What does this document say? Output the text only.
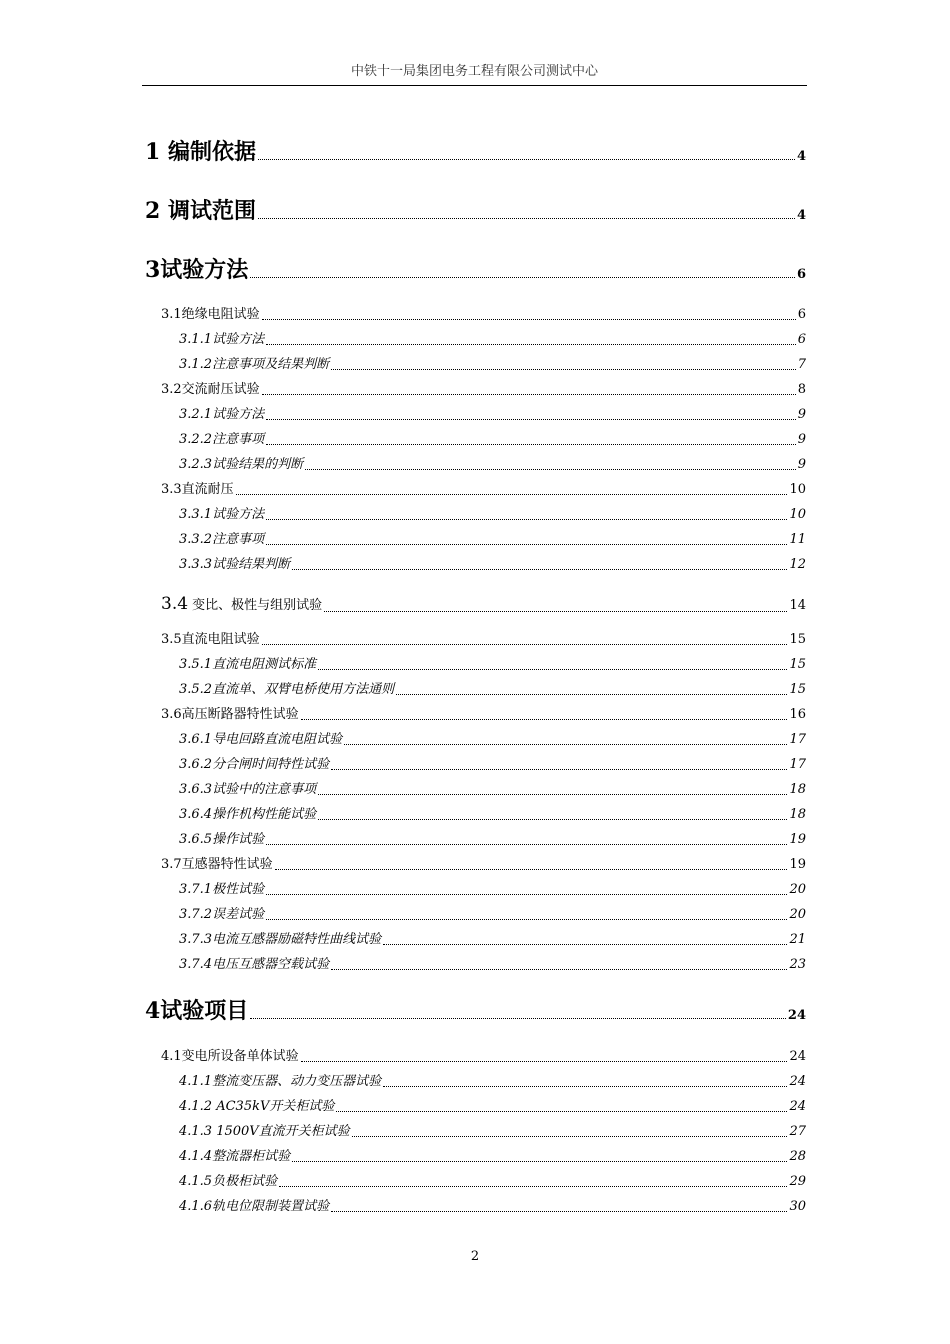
中铁十一局集团电务工程有限公司测试中心
1 编制依据	4
2 调试范围	4
3试验方法	6
3.1绝缘电阻试验	6
3.1.1试验方法	6
3.1.2注意事项及结果判断	7
3.2交流耐压试验	8
3.2.1试验方法	9
3.2.2注意事项	9
3.2.3试验结果的判断	9
3.3直流耐压	10
3.3.1试验方法	10
3.3.2注意事项	11
3.3.3试验结果判断	12
3.4 变比、极性与组别试验	14
3.5直流电阻试验	15
3.5.1直流电阻测试标准	15
3.5.2直流单、双臂电桥使用方法通则	15
3.6高压断路器特性试验	16
3.6.1导电回路直流电阻试验	17
3.6.2分合闸时间特性试验	17
3.6.3试验中的注意事项	18
3.6.4操作机构性能试验	18
3.6.5操作试验	19
3.7互感器特性试验	19
3.7.1极性试验	20
3.7.2误差试验	20
3.7.3电流互感器励磁特性曲线试验	21
3.7.4电压互感器空载试验	23
4试验项目	24
4.1变电所设备单体试验	24
4.1.1整流变压器、动力变压器试验	24
4.1.2 AC35kV开关柜试验	24
4.1.3 1500V直流开关柜试验	27
4.1.4整流器柜试验	28
4.1.5负极柜试验	29
4.1.6轨电位限制装置试验	30
2
